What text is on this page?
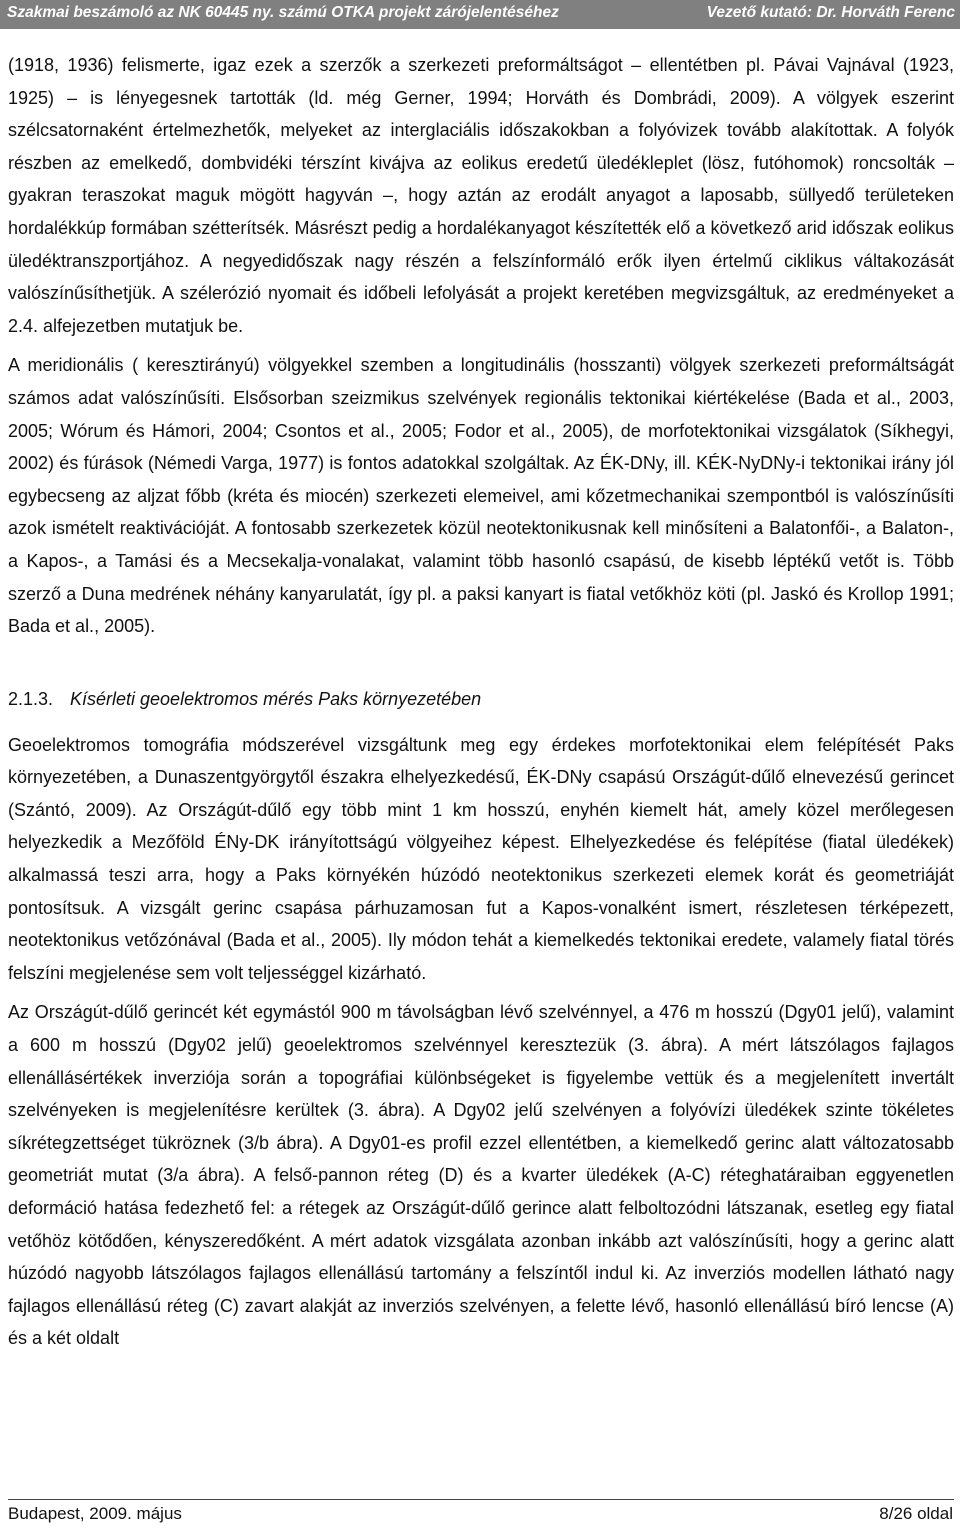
Szakmai beszámoló az NK 60445 ny. számú OTKA projekt zárójelentéséhez	Vezető kutató: Dr. Horváth Ferenc

(1918, 1936) felismerte, igaz ezek a szerzők a szerkezeti preformáltságot – ellentétben pl. Pávai Vajnával (1923, 1925) – is lényegesnek tartották (ld. még Gerner, 1994; Horváth és Dombrádi, 2009). A völgyek eszerint szélcsatornaként értelmezhetők, melyeket az interglaciális időszakokban a folyóvizek tovább alakítottak. A folyók részben az emelkedő, dombvidéki térszínt kivájva az eolikus eredetű üledékleplet (lösz, futóhomok) roncsolták – gyakran teraszokat maguk mögött hagyván –, hogy aztán az erodált anyagot a laposabb, süllyedő területeken hordalékkúp formában szétterítsék. Másrészt pedig a hordalékanyagot készítették elő a következő arid időszak eolikus üledéktranszportjához. A negyedidőszak nagy részén a felszínformáló erők ilyen értelmű ciklikus váltakozását valószínűsíthetjük. A szélerózió nyomait és időbeli lefolyását a projekt keretében megvizsgáltuk, az eredményeket a 2.4. alfejezetben mutatjuk be.

A meridionális ( keresztirányú) völgyekkel szemben a longitudinális (hosszanti) völgyek szerkezeti preformáltságát számos adat valószínűsíti. Elsősorban szeizmikus szelvények regionális tektonikai kiértékelése (Bada et al., 2003, 2005; Wórum és Hámori, 2004; Csontos et al., 2005; Fodor et al., 2005), de morfotektonikai vizsgálatok (Síkhegyi, 2002) és fúrások (Némedi Varga, 1977) is fontos adatokkal szolgáltak. Az ÉK-DNy, ill. KÉK-NyDNy-i tektonikai irány jól egybecseng az aljzat főbb (kréta és miocén) szerkezeti elemeivel, ami kőzetmechanikai szempontból is valószínűsíti azok ismételt reaktivációját. A fontosabb szerkezetek közül neotektonikusnak kell minősíteni a Balatonfői-, a Balaton-, a Kapos-, a Tamási és a Mecsekalja-vonalakat, valamint több hasonló csapású, de kisebb léptékű vetőt is. Több szerző a Duna medrének néhány kanyarulatát, így pl. a paksi kanyart is fiatal vetőkhöz köti (pl. Jaskó és Krollop 1991; Bada et al., 2005).

2.1.3. Kísérleti geoelektromos mérés Paks környezetében

Geoelektromos tomográfia módszerével vizsgáltunk meg egy érdekes morfotektonikai elem felépítését Paks környezetében, a Dunaszentgyörgytől északra elhelyezkedésű, ÉK-DNy csapású Országút-dűlő elnevezésű gerincet (Szántó, 2009). Az Országút-dűlő egy több mint 1 km hosszú, enyhén kiemelt hát, amely közel merőlegesen helyezkedik a Mezőföld ÉNy-DK irányítottságú völgyeihez képest. Elhelyezkedése és felépítése (fiatal üledékek) alkalmassá teszi arra, hogy a Paks környékén húzódó neotektonikus szerkezeti elemek korát és geometriáját pontosítsuk. A vizsgált gerinc csapása párhuzamosan fut a Kapos-vonalként ismert, részletesen térképezett, neotektonikus vetőzónával (Bada et al., 2005). Ily módon tehát a kiemelkedés tektonikai eredete, valamely fiatal törés felszíni megjelenése sem volt teljességgel kizárható.

Az Országút-dűlő gerincét két egymástól 900 m távolságban lévő szelvénnyel, a 476 m hosszú (Dgy01 jelű), valamint a 600 m hosszú (Dgy02 jelű) geoelektromos szelvénnyel keresztezük (3. ábra). A mért látszólagos fajlagos ellenállásértékek inverziója során a topográfiai különbségeket is figyelembe vettük és a megjelenített invertált szelvényeken is megjelenítésre kerültek (3. ábra). A Dgy02 jelű szelvényen a folyóvízi üledékek szinte tökéletes síkrétegzettséget tükröznek (3/b ábra). A Dgy01-es profil ezzel ellentétben, a kiemelkedő gerinc alatt változatosabb geometriát mutat (3/a ábra). A felső-pannon réteg (D) és a kvarter üledékek (A-C) réteghatáraiban eggyenetlen deformáció hatása fedezhető fel: a rétegek az Országút-dűlő gerince alatt felboltozódni látszanak, esetleg egy fiatal vetőhöz kötődően, kényszeredőként. A mért adatok vizsgálata azonban inkább azt valószínűsíti, hogy a gerinc alatt húzódó nagyobb látszólagos fajlagos ellenállású tartomány a felszíntől indul ki. Az inverziós modellen látható nagy fajlagos ellenállású réteg (C) zavart alakját az inverziós szelvényen, a felette lévő, hasonló ellenállású bíró lencse (A) és a két oldalt

Budapest, 2009. május	8/26 oldal
